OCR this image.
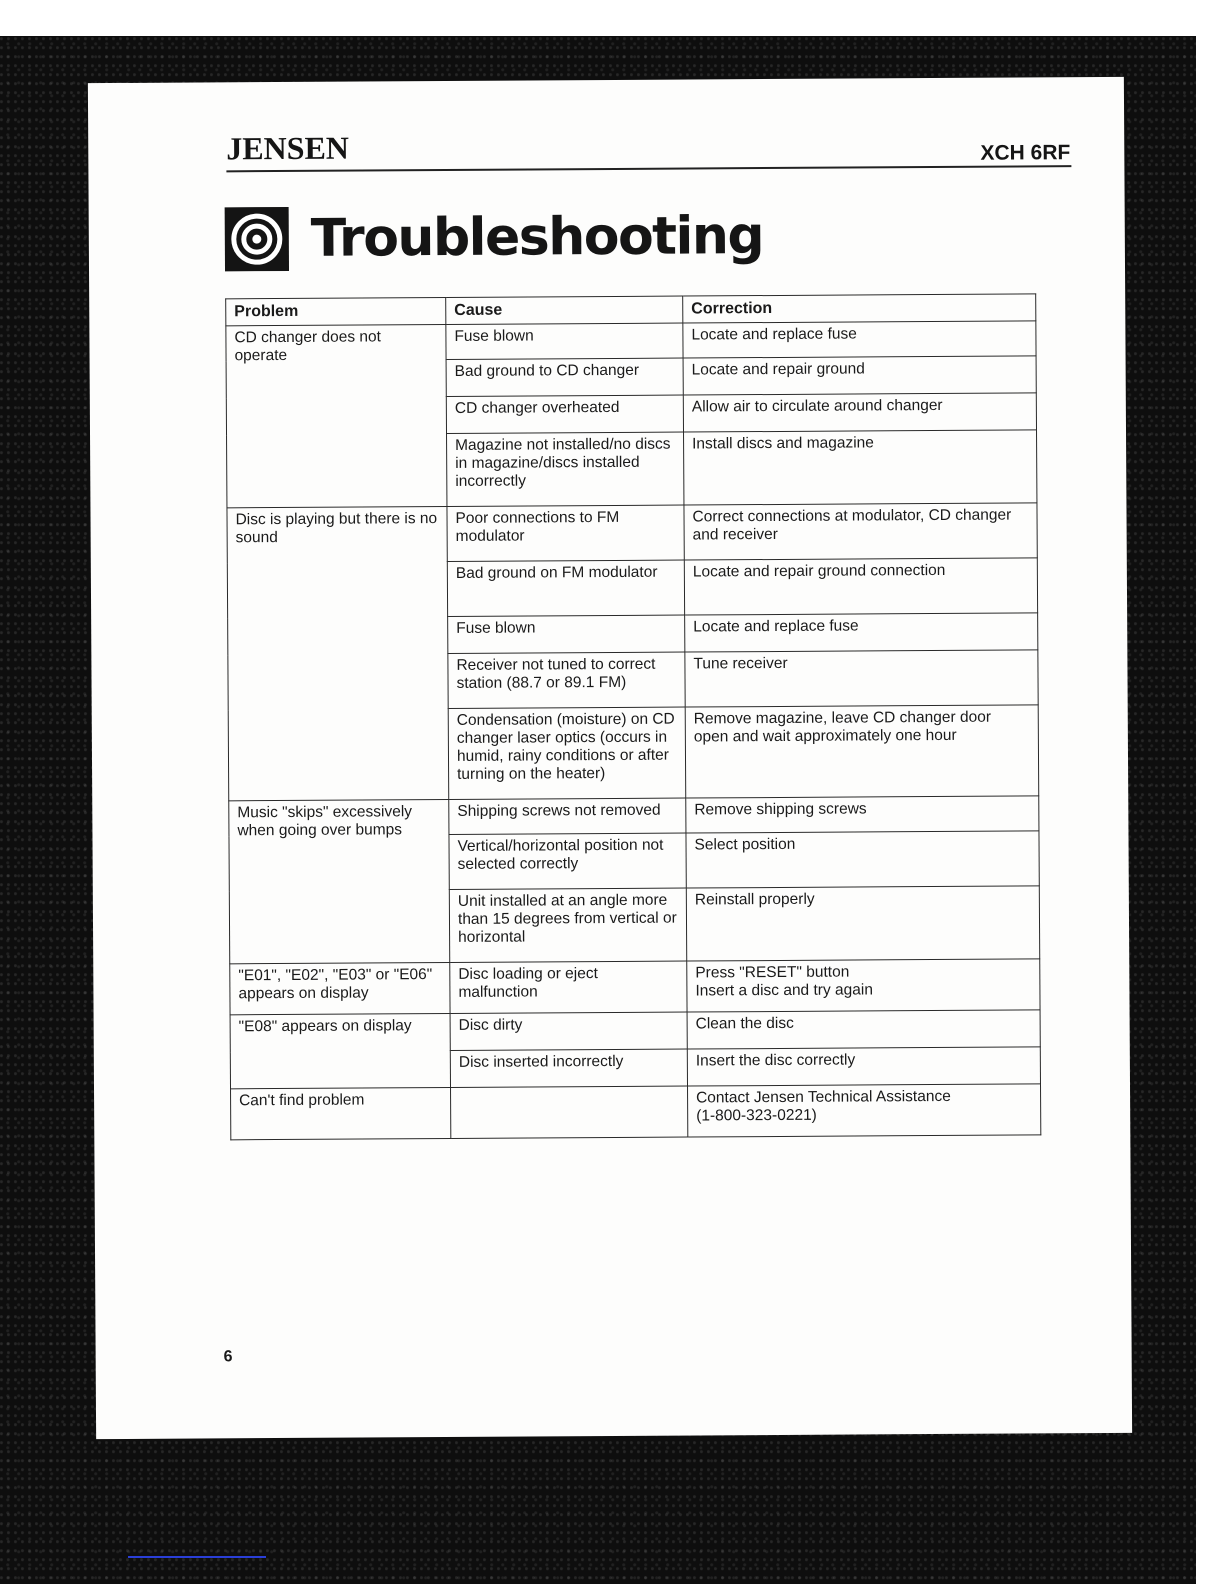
JENSEN	XCH 6RF
Troubleshooting
Problem	Cause	Correction
CD changer does not operate	Fuse blown	Locate and replace fuse
	Bad ground to CD changer	Locate and repair ground
	CD changer overheated	Allow air to circulate around changer
	Magazine not installed/no discs in magazine/discs installed incorrectly	Install discs and magazine
Disc is playing but there is no sound	Poor connections to FM modulator	Correct connections at modulator, CD changer and receiver
	Bad ground on FM modulator	Locate and repair ground connection
	Fuse blown	Locate and replace fuse
	Receiver not tuned to correct station (88.7 or 89.1 FM)	Tune receiver
	Condensation (moisture) on CD changer laser optics (occurs in humid, rainy conditions or after turning on the heater)	Remove magazine, leave CD changer door open and wait approximately one hour
Music "skips" excessively when going over bumps	Shipping screws not removed	Remove shipping screws
	Vertical/horizontal position not selected correctly	Select position
	Unit installed at an angle more than 15 degrees from vertical or horizontal	Reinstall properly
"E01", "E02", "E03" or "E06" appears on display	Disc loading or eject malfunction	Press "RESET" button
Insert a disc and try again

"E08" appears on display	Disc dirty	Clean the disc
	Disc inserted incorrectly	Insert the disc correctly
Can't find problem		Contact Jensen Technical Assistance
(1-800-323-0221)
6
